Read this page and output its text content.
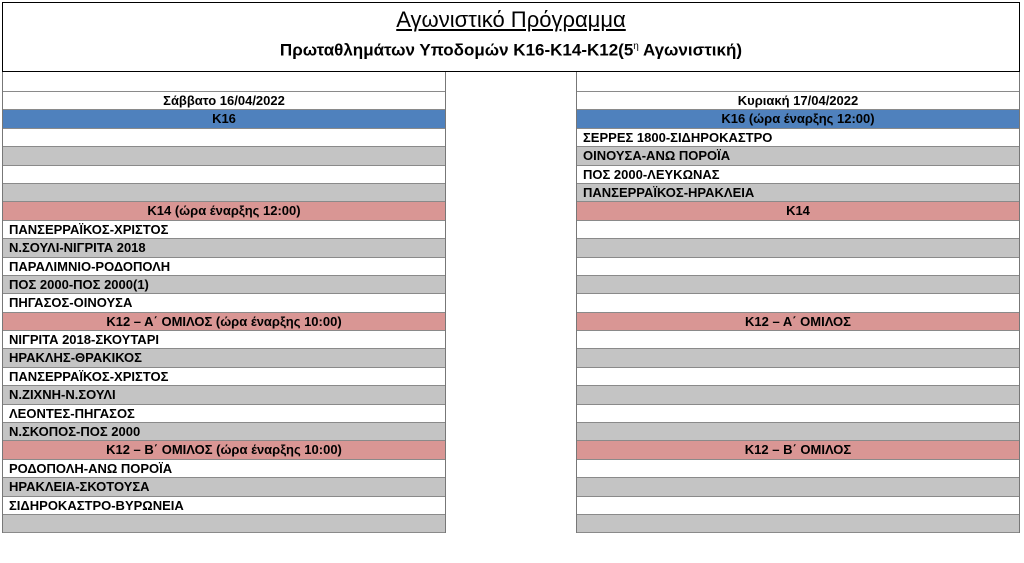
Αγωνιστικό Πρόγραμμα
Πρωταθλημάτων Υποδομών $K16-K14-K12(5^\eta$ Αγωνιστική)
Σάββατο 16/04/2022
Κ16
Κ14 (ώρα έναρξης 12:00)
ΠΑΝΣΕΡΡΑΪΚΟΣ-ΧΡΙΣΤΟΣ
Ν.ΣΟΥΛΙ-ΝΙΓΡΙΤΑ 2018
ΠΑΡΑΛΙΜΝΙΟ-ΡΟΔΟΠΟΛΗ
ΠΟΣ 2000-ΠΟΣ 2000(1)
ΠΗΓΑΣΟΣ-ΟΙΝΟΥΣΑ
Κ12 – Α΄ ΟΜΙΛΟΣ (ώρα έναρξης 10:00)
ΝΙΓΡΙΤΑ 2018-ΣΚΟΥΤΑΡΙ
ΗΡΑΚΛΗΣ-ΘΡΑΚΙΚΟΣ
ΠΑΝΣΕΡΡΑΪΚΟΣ-ΧΡΙΣΤΟΣ
Ν.ΖΙΧΝΗ-Ν.ΣΟΥΛΙ
ΛΕΟΝΤΕΣ-ΠΗΓΑΣΟΣ
Ν.ΣΚΟΠΟΣ-ΠΟΣ 2000
Κ12 – Β΄ ΟΜΙΛΟΣ (ώρα έναρξης 10:00)
ΡΟΔΟΠΟΛΗ-ΑΝΩ ΠΟΡΟΪΑ
ΗΡΑΚΛΕΙΑ-ΣΚΟΤΟΥΣΑ
ΣΙΔΗΡΟΚΑΣΤΡΟ-ΒΥΡΩΝΕΙΑ
Κυριακή 17/04/2022
Κ16 (ώρα έναρξης 12:00)
ΣΕΡΡΕΣ 1800-ΣΙΔΗΡΟΚΑΣΤΡΟ
ΟΙΝΟΥΣΑ-ΑΝΩ ΠΟΡΟΪΑ
ΠΟΣ 2000-ΛΕΥΚΩΝΑΣ
ΠΑΝΣΕΡΡΑΪΚΟΣ-ΗΡΑΚΛΕΙΑ
Κ14
Κ12 – Α΄ ΟΜΙΛΟΣ
Κ12 – Β΄ ΟΜΙΛΟΣ
